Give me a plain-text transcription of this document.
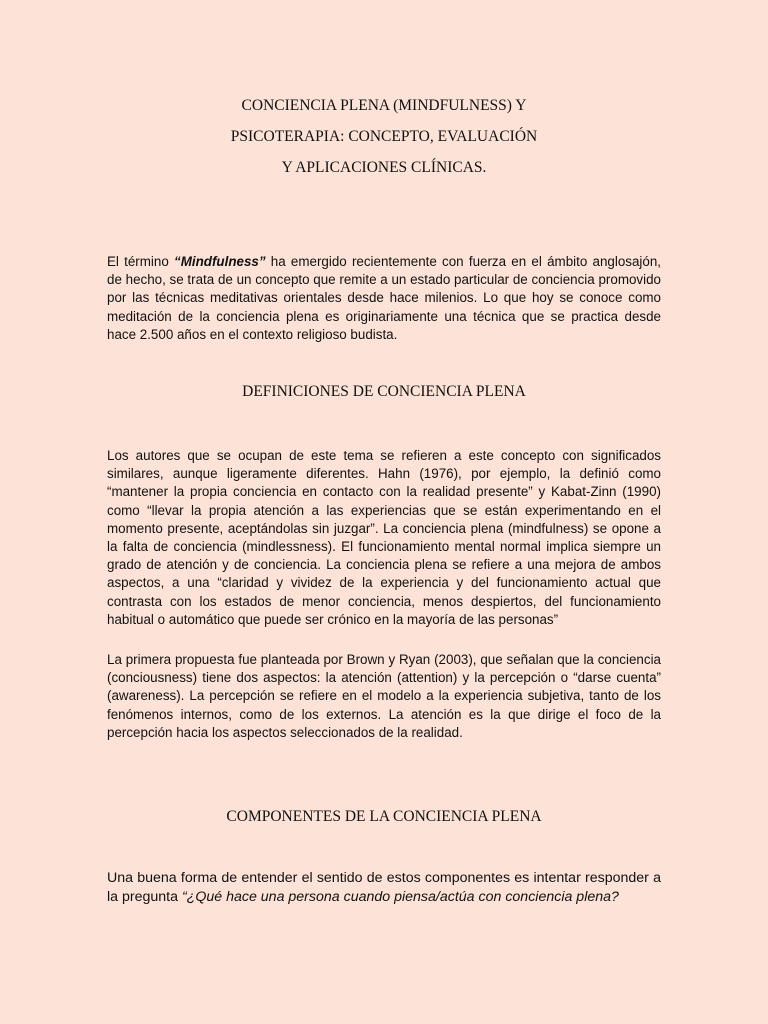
CONCIENCIA PLENA (MINDFULNESS) Y
PSICOTERAPIA: CONCEPTO, EVALUACIÓN
Y APLICACIONES CLÍNICAS.

El término “Mindfulness” ha emergido recientemente con fuerza en el ámbito anglosajón, de hecho, se trata de un concepto que remite a un estado particular de conciencia promovido por las técnicas meditativas orientales desde hace milenios. Lo que hoy se conoce como meditación de la conciencia plena es originariamente una técnica que se practica desde hace 2.500 años en el contexto religioso budista.

DEFINICIONES DE CONCIENCIA PLENA

Los autores que se ocupan de este tema se refieren a este concepto con significados similares, aunque ligeramente diferentes. Hahn (1976), por ejemplo, la definió como “mantener la propia conciencia en contacto con la realidad presente” y Kabat-Zinn (1990) como “llevar la propia atención a las experiencias que se están experimentando en el momento presente, aceptándolas sin juzgar”. La conciencia plena (mindfulness) se opone a la falta de conciencia (mindlessness). El funcionamiento mental normal implica siempre un grado de atención y de conciencia. La conciencia plena se refiere a una mejora de ambos aspectos, a una “claridad y vividez de la experiencia y del funcionamiento actual que contrasta con los estados de menor conciencia, menos despiertos, del funcionamiento habitual o automático que puede ser crónico en la mayoría de las personas”

La primera propuesta fue planteada por Brown y Ryan (2003), que señalan que la conciencia (conciousness) tiene dos aspectos: la atención (attention) y la percepción o “darse cuenta” (awareness). La percepción se refiere en el modelo a la experiencia subjetiva, tanto de los fenómenos internos, como de los externos. La atención es la que dirige el foco de la percepción hacia los aspectos seleccionados de la realidad.

COMPONENTES DE LA CONCIENCIA PLENA

Una buena forma de entender el sentido de estos componentes es intentar responder a la pregunta “¿Qué hace una persona cuando piensa/actúa con conciencia plena?
